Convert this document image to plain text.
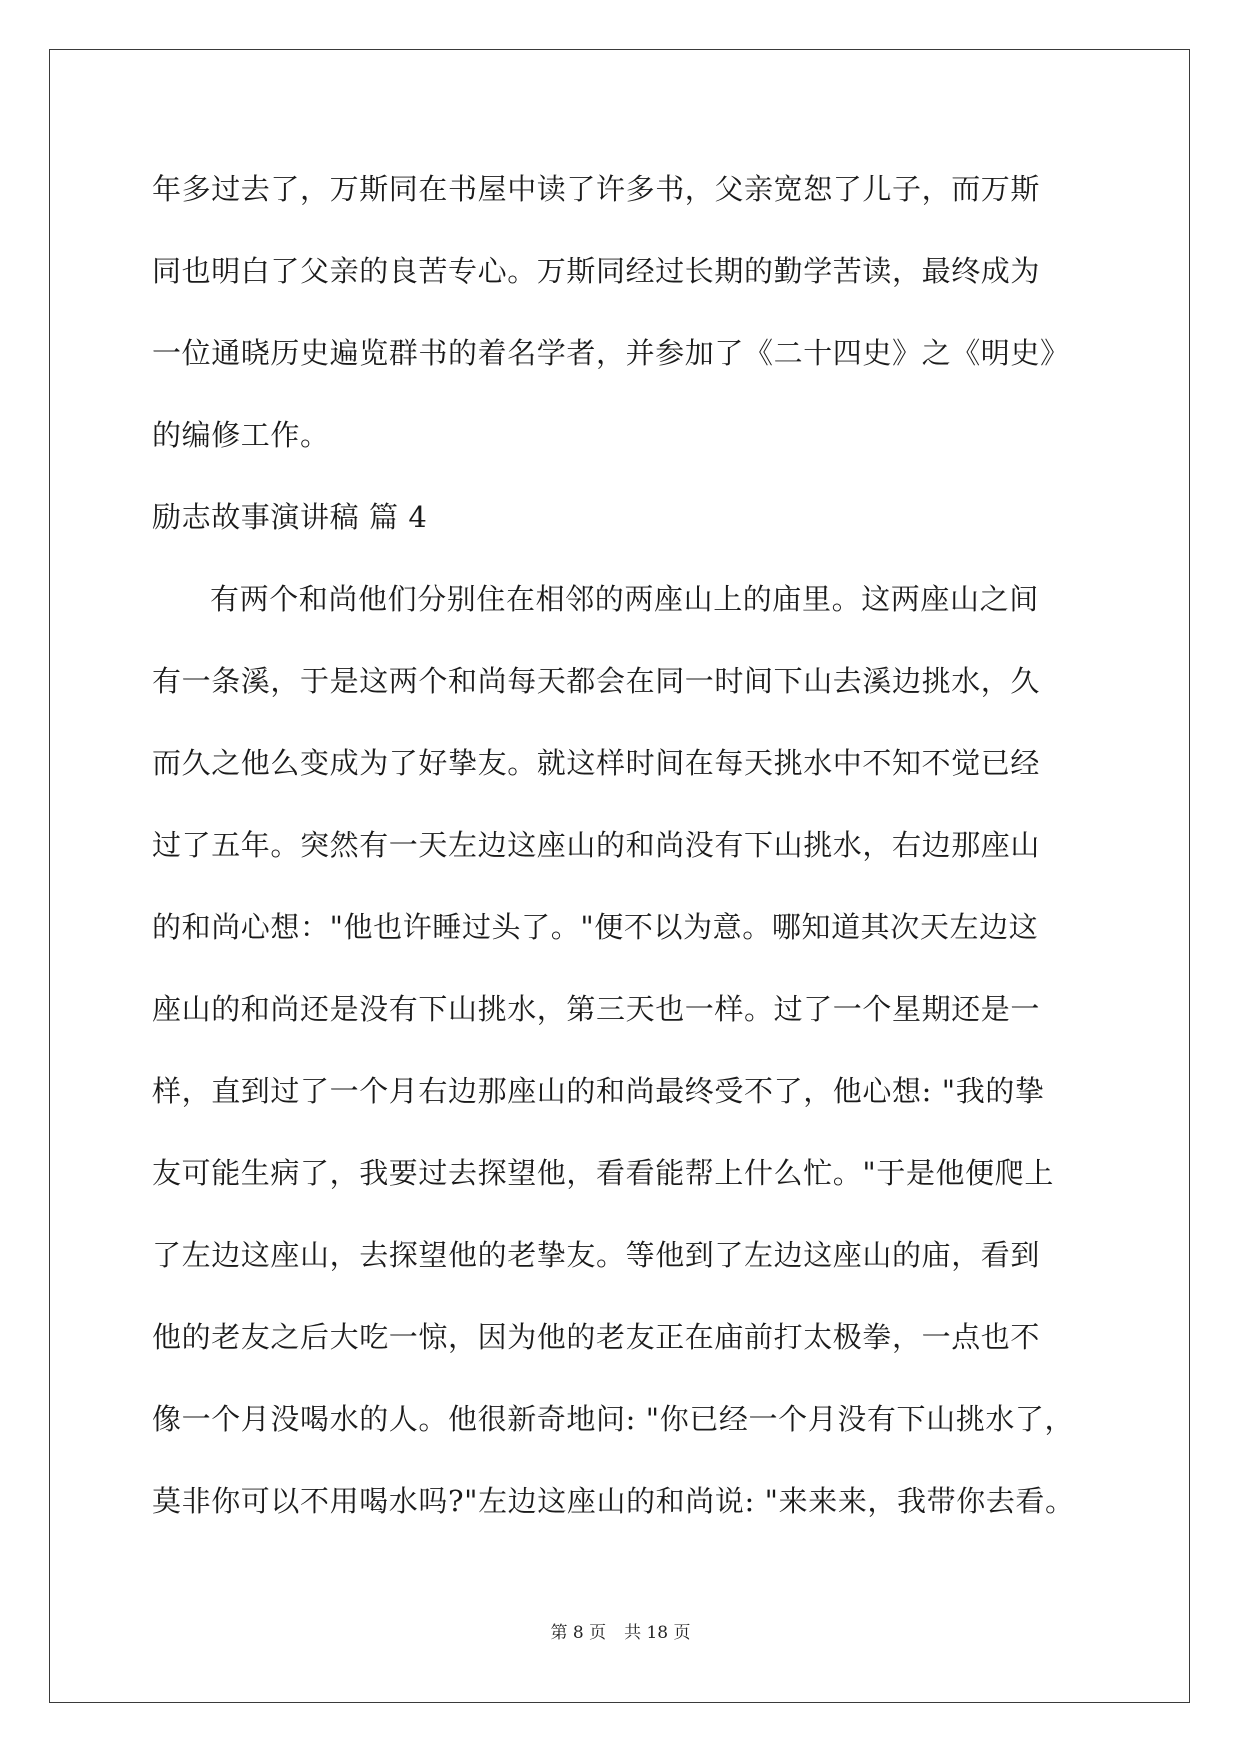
年多过去了，万斯同在书屋中读了许多书，父亲宽恕了儿子，而万斯
同也明白了父亲的良苦专心。万斯同经过长期的勤学苦读，最终成为
一位通晓历史遍览群书的着名学者，并参加了《二十四史》之《明史》
的编修工作。
励志故事演讲稿 篇 4
有两个和尚他们分别住在相邻的两座山上的庙里。这两座山之间
有一条溪，于是这两个和尚每天都会在同一时间下山去溪边挑水，久
而久之他么变成为了好挚友。就这样时间在每天挑水中不知不觉已经
过了五年。突然有一天左边这座山的和尚没有下山挑水，右边那座山
的和尚心想："他也许睡过头了。"便不以为意。哪知道其次天左边这
座山的和尚还是没有下山挑水，第三天也一样。过了一个星期还是一
样，直到过了一个月右边那座山的和尚最终受不了，他心想: "我的挚
友可能生病了，我要过去探望他，看看能帮上什么忙。"于是他便爬上
了左边这座山，去探望他的老挚友。等他到了左边这座山的庙，看到
他的老友之后大吃一惊，因为他的老友正在庙前打太极拳，一点也不
像一个月没喝水的人。他很新奇地问: "你已经一个月没有下山挑水了，
莫非你可以不用喝水吗?"左边这座山的和尚说: "来来来，我带你去看。
第 8 页 共 18 页
